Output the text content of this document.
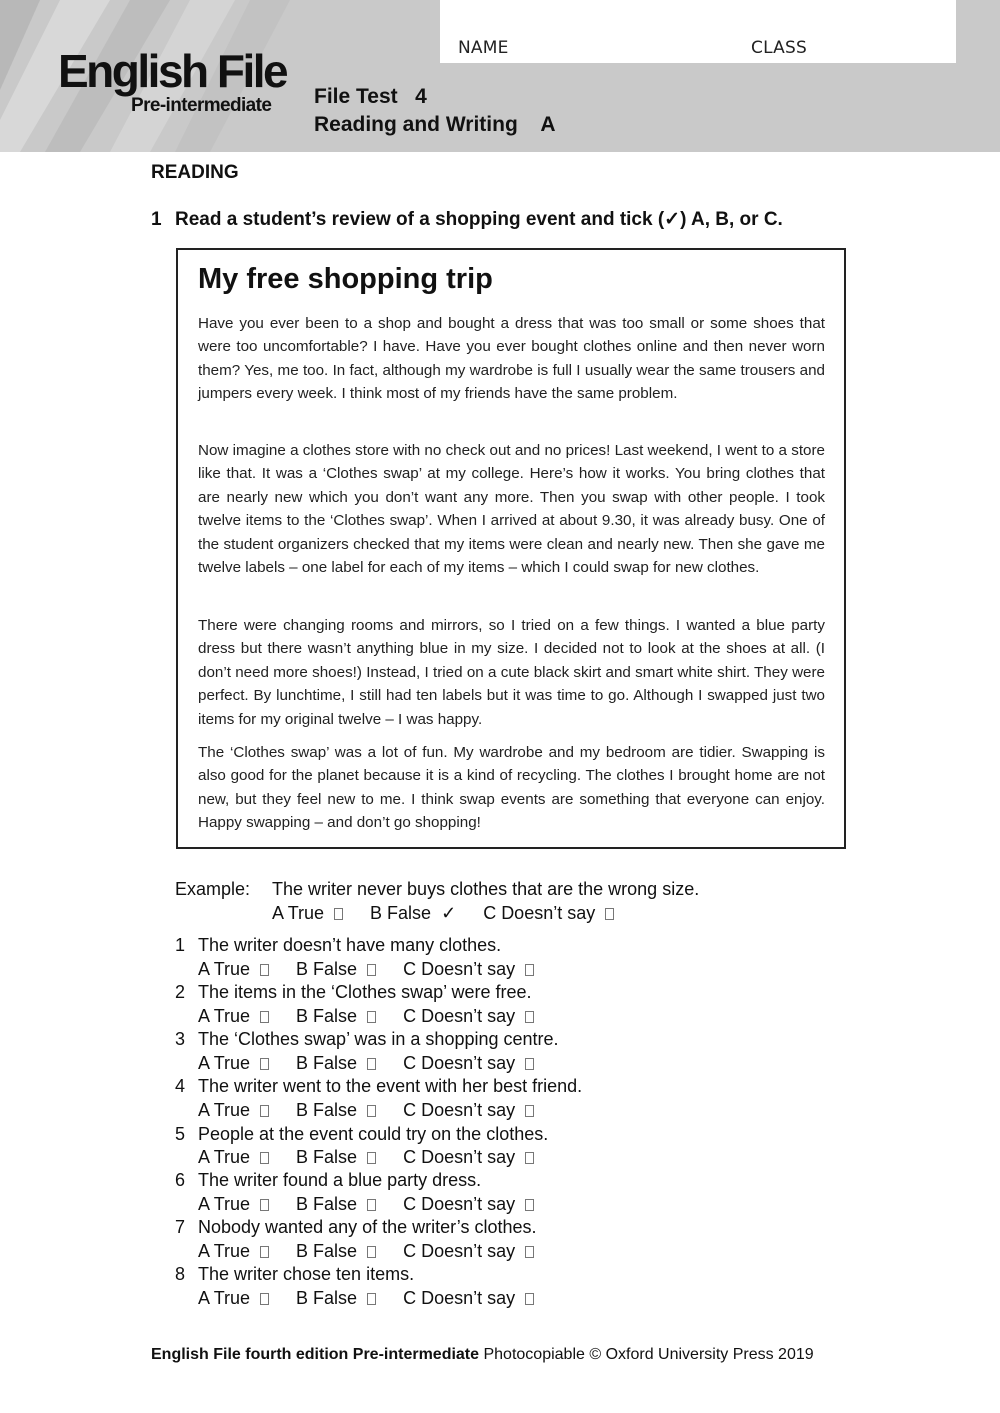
NAME	CLASS
English File
Pre-intermediate	File Test   4
Reading and Writing    A
READING
1 Read a student’s review of a shopping event and tick (✓) A, B, or C.
My free shopping trip

Have you ever been to a shop and bought a dress that was too small or some shoes that were too uncomfortable? I have. Have you ever bought clothes online and then never worn them? Yes, me too. In fact, although my wardrobe is full I usually wear the same trousers and jumpers every week. I think most of my friends have the same problem.

Now imagine a clothes store with no check out and no prices! Last weekend, I went to a store like that. It was a ‘Clothes swap’ at my college. Here’s how it works. You bring clothes that are nearly new which you don’t want any more. Then you swap with other people. I took twelve items to the ‘Clothes swap’. When I arrived at about 9.30, it was already busy. One of the student organizers checked that my items were clean and nearly new. Then she gave me twelve labels – one label for each of my items – which I could swap for new clothes.

There were changing rooms and mirrors, so I tried on a few things. I wanted a blue party dress but there wasn’t anything blue in my size. I decided not to look at the shoes at all. (I don’t need more shoes!) Instead, I tried on a cute black skirt and smart white shirt. They were perfect. By lunchtime, I still had ten labels but it was time to go. Although I swapped just two items for my original twelve – I was happy.

The ‘Clothes swap’ was a lot of fun. My wardrobe and my bedroom are tidier. Swapping is also good for the planet because it is a kind of recycling. The clothes I brought home are not new, but they feel new to me. I think swap events are something that everyone can enjoy. Happy swapping – and don’t go shopping!

Example: The writer never buys clothes that are the wrong size.
A True	B False ✓ C Doesn’t say
1 The writer doesn’t have many clothes.
A True	B False	C Doesn’t say
2 The items in the ‘Clothes swap’ were free.
A True	B False	C Doesn’t say
3 The ‘Clothes swap’ was in a shopping centre.
A True	B False	C Doesn’t say
4 The writer went to the event with her best friend.
A True	B False	C Doesn’t say
5 People at the event could try on the clothes.
A True	B False	C Doesn’t say
6 The writer found a blue party dress.
A True	B False	C Doesn’t say
7 Nobody wanted any of the writer’s clothes.
A True	B False	C Doesn’t say
8 The writer chose ten items.
A True	B False	C Doesn’t say
English File fourth edition Pre-intermediate Photocopiable © Oxford University Press 2019
